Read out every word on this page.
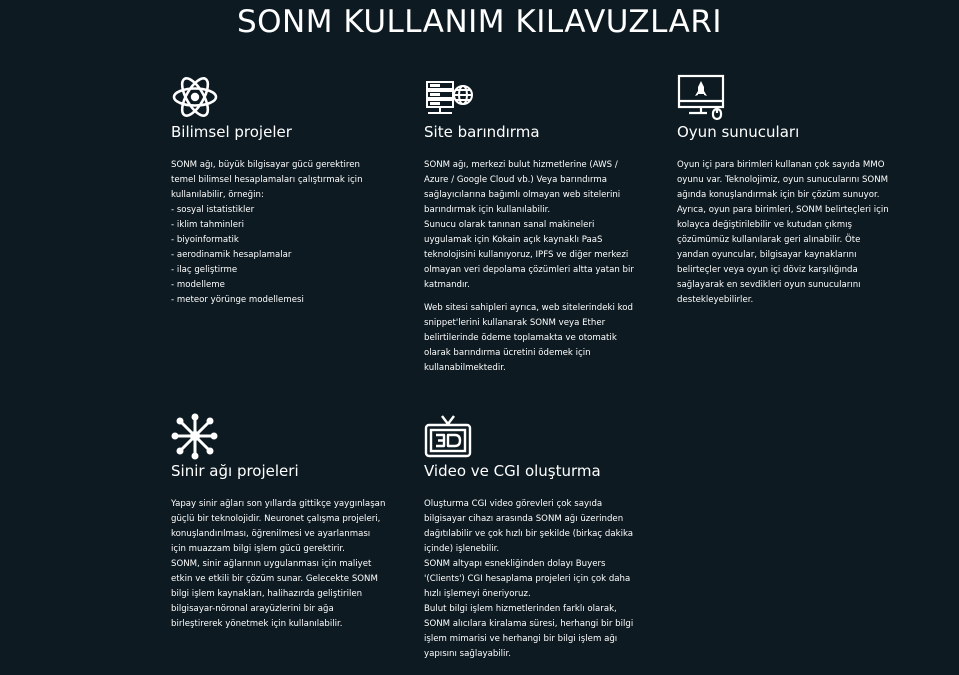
SONM KULLANIM KILAVUZLARI
Bilimsel projeler
SONM ağı, büyük bilgisayar gücü gerektiren temel bilimsel hesaplamaları çalıştırmak için kullanılabilir, örneğin:
- sosyal istatistikler
- iklim tahminleri
- biyoinformatik
- aerodinamik hesaplamalar
- ilaç geliştirme
- modelleme
- meteor yörünge modellemesi
Site barındırma
SONM ağı, merkezi bulut hizmetlerine (AWS / Azure / Google Cloud vb.) Veya barındırma sağlayıcılarına bağımlı olmayan web sitelerini barındırmak için kullanılabilir.
Sunucu olarak tanınan sanal makineleri uygulamak için Kokain açık kaynaklı PaaS teknolojisini kullanıyoruz, IPFS ve diğer merkezi olmayan veri depolama çözümleri altta yatan bir katmandır.
Web sitesi sahipleri ayrıca, web sitelerindeki kod snippet'lerini kullanarak SONM veya Ether belirtilerinde ödeme toplamakta ve otomatik olarak barındırma ücretini ödemek için kullanabilmektedir.
Oyun sunucuları
Oyun içi para birimleri kullanan çok sayıda MMO oyunu var. Teknolojimiz, oyun sunucularını SONM ağında konuşlandırmak için bir çözüm sunuyor. Ayrıca, oyun para birimleri, SONM belirteçleri için kolayca değiştirilebilir ve kutudan çıkmış çözümümüz kullanılarak geri alınabilir. Öte yandan oyuncular, bilgisayar kaynaklarını belirteçler veya oyun içi döviz karşılığında sağlayarak en sevdikleri oyun sunucularını destekleyebilirler.
Sinir ağı projeleri
Yapay sinir ağları son yıllarda gittikçe yaygınlaşan güçlü bir teknolojidir. Neuronet çalışma projeleri, konuşlandırılması, öğrenilmesi ve ayarlanması için muazzam bilgi işlem gücü gerektirir.
SONM, sinir ağlarının uygulanması için maliyet etkin ve etkili bir çözüm sunar. Gelecekte SONM bilgi işlem kaynakları, halihazırda geliştirilen bilgisayar-nöronal arayüzlerini bir ağa birleştirerek yönetmek için kullanılabilir.
Video ve CGI oluşturma
Oluşturma CGI video görevleri çok sayıda bilgisayar cihazı arasında SONM ağı üzerinden dağıtılabilir ve çok hızlı bir şekilde (birkaç dakika içinde) işlenebilir.
SONM altyapı esnekliğinden dolayı Buyers '(Clients') CGI hesaplama projeleri için çok daha hızlı işlemeyi öneriyoruz.
Bulut bilgi işlem hizmetlerinden farklı olarak, SONM alıcılara kiralama süresi, herhangi bir bilgi işlem mimarisi ve herhangi bir bilgi işlem ağı yapısını sağlayabilir.
